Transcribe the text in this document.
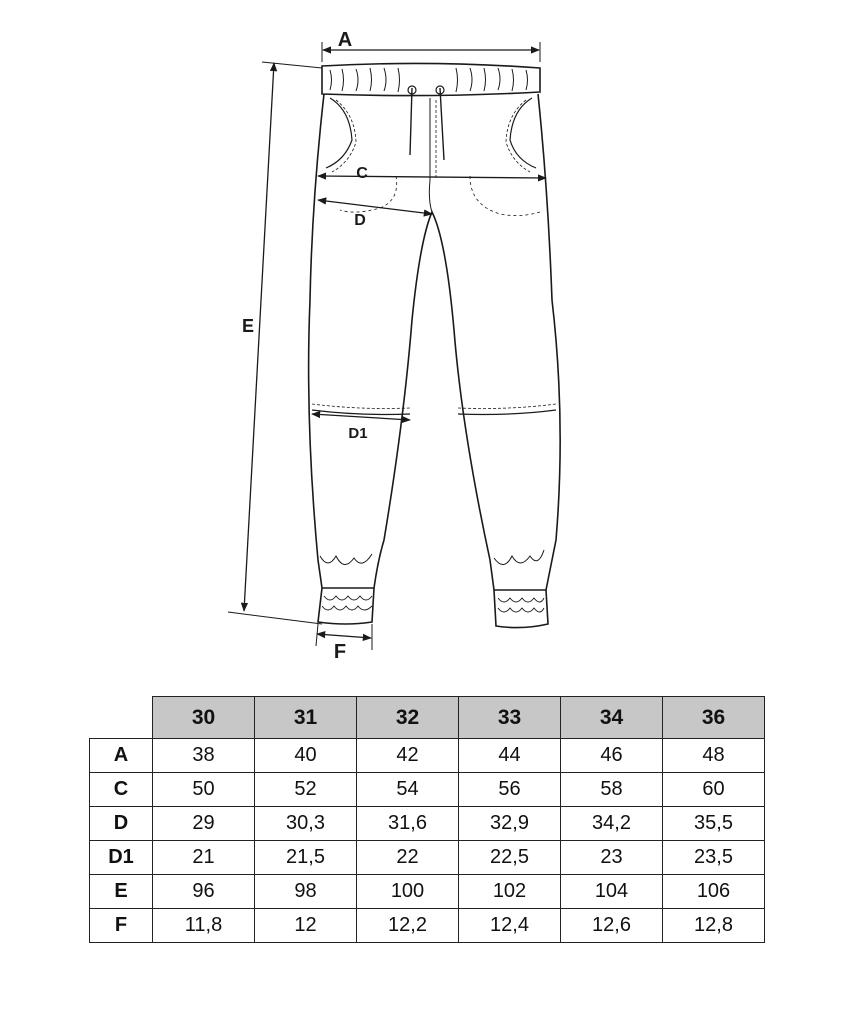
A
C
D
E
D1
F
	30	31	32	33	34	36
A	38	40	42	44	46	48
C	50	52	54	56	58	60
D	29	30,3	31,6	32,9	34,2	35,5
D1	21	21,5	22	22,5	23	23,5
E	96	98	100	102	104	106
F	11,8	12	12,2	12,4	12,6	12,8
